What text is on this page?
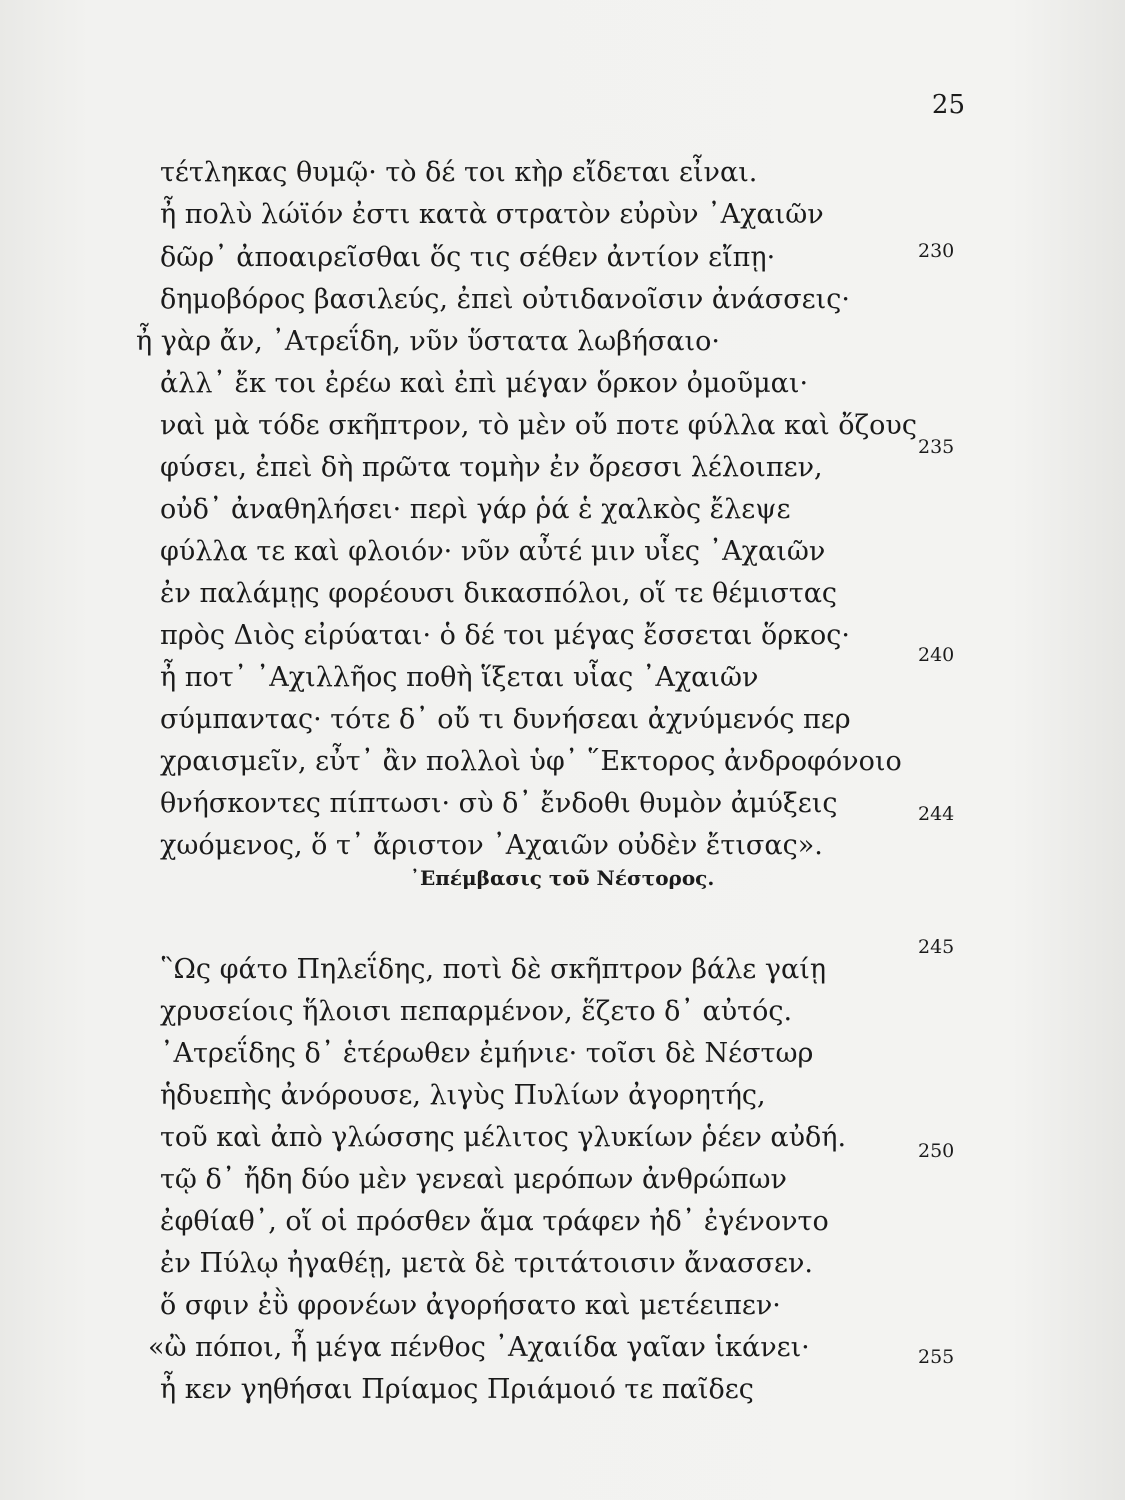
25
τέτληκας θυμῷ· τὸ δέ τοι κὴρ εἴδεται εἶναι.
ἦ πολὺ λώϊόν ἐστι κατὰ στρατὸν εὐρὺν ᾽Αχαιῶν
δῶρ᾽ ἀποαιρεῖσθαι ὅς τις σέθεν ἀντίον εἴπῃ·	230
δημοβόρος βασιλεύς, ἐπεὶ οὐτιδανοῖσιν ἀνάσσεις·
ἦ γὰρ ἄν, ᾽Ατρεΐδη, νῦν ὕστατα λωβήσαιο·
ἀλλ᾽ ἔκ τοι ἐρέω καὶ ἐπὶ μέγαν ὅρκον ὀμοῦμαι·
ναὶ μὰ τόδε σκῆπτρον, τὸ μὲν οὔ ποτε φύλλα καὶ ὄζους
φύσει, ἐπεὶ δὴ πρῶτα τομὴν ἐν ὄρεσσι λέλοιπεν,
235
οὐδ᾽ ἀναθηλήσει· περὶ γάρ ῥά ἑ χαλκὸς ἔλεψε
φύλλα τε καὶ φλοιόν· νῦν αὖτέ μιν υἷες ᾽Αχαιῶν
ἐν παλάμῃς φορέουσι δικασπόλοι, οἵ τε θέμιστας
πρὸς Διὸς εἰρύαται· ὁ δέ τοι μέγας ἔσσεται ὅρκος·
ἦ ποτ᾽ ᾽Αχιλλῆος ποθὴ ἵξεται υἷας ᾽Αχαιῶν
240
σύμπαντας· τότε δ᾽ οὔ τι δυνήσεαι ἀχνύμενός περ
χραισμεῖν, εὖτ᾽ ἂν πολλοὶ ὑφ᾽ ῞Εκτορος ἀνδροφόνοιο
θνήσκοντες πίπτωσι· σὺ δ᾽ ἔνδοθι θυμὸν ἀμύξεις
χωόμενος, ὅ τ᾽ ἄριστον ᾽Αχαιῶν οὐδὲν ἔτισας».
244
᾽Επέμβασις τοῦ Νέστορος.
῝Ως φάτο Πηλεΐδης, ποτὶ δὲ σκῆπτρον βάλε γαίῃ
245
χρυσείοις ἥλοισι πεπαρμένον, ἕζετο δ᾽ αὐτός.
᾽Ατρεΐδης δ᾽ ἑτέρωθεν ἐμήνιε· τοῖσι δὲ Νέστωρ
ἡδυεπὴς ἀνόρουσε, λιγὺς Πυλίων ἀγορητής,
τοῦ καὶ ἀπὸ γλώσσης μέλιτος γλυκίων ῥέεν αὐδή.
τῷ δ᾽ ἤδη δύο μὲν γενεαὶ μερόπων ἀνθρώπων
250
ἐφθίαθ᾽, οἵ οἱ πρόσθεν ἅμα τράφεν ἠδ᾽ ἐγένοντο
ἐν Πύλῳ ἠγαθέῃ, μετὰ δὲ τριτάτοισιν ἄνασσεν.
ὅ σφιν ἐῢ φρονέων ἀγορήσατο καὶ μετέειπεν·
«ὢ πόποι, ἦ μέγα πένθος ᾽Αχαιίδα γαῖαν ἱκάνει·
ἦ κεν γηθήσαι Πρίαμος Πριάμοιό τε παῖδες
255
